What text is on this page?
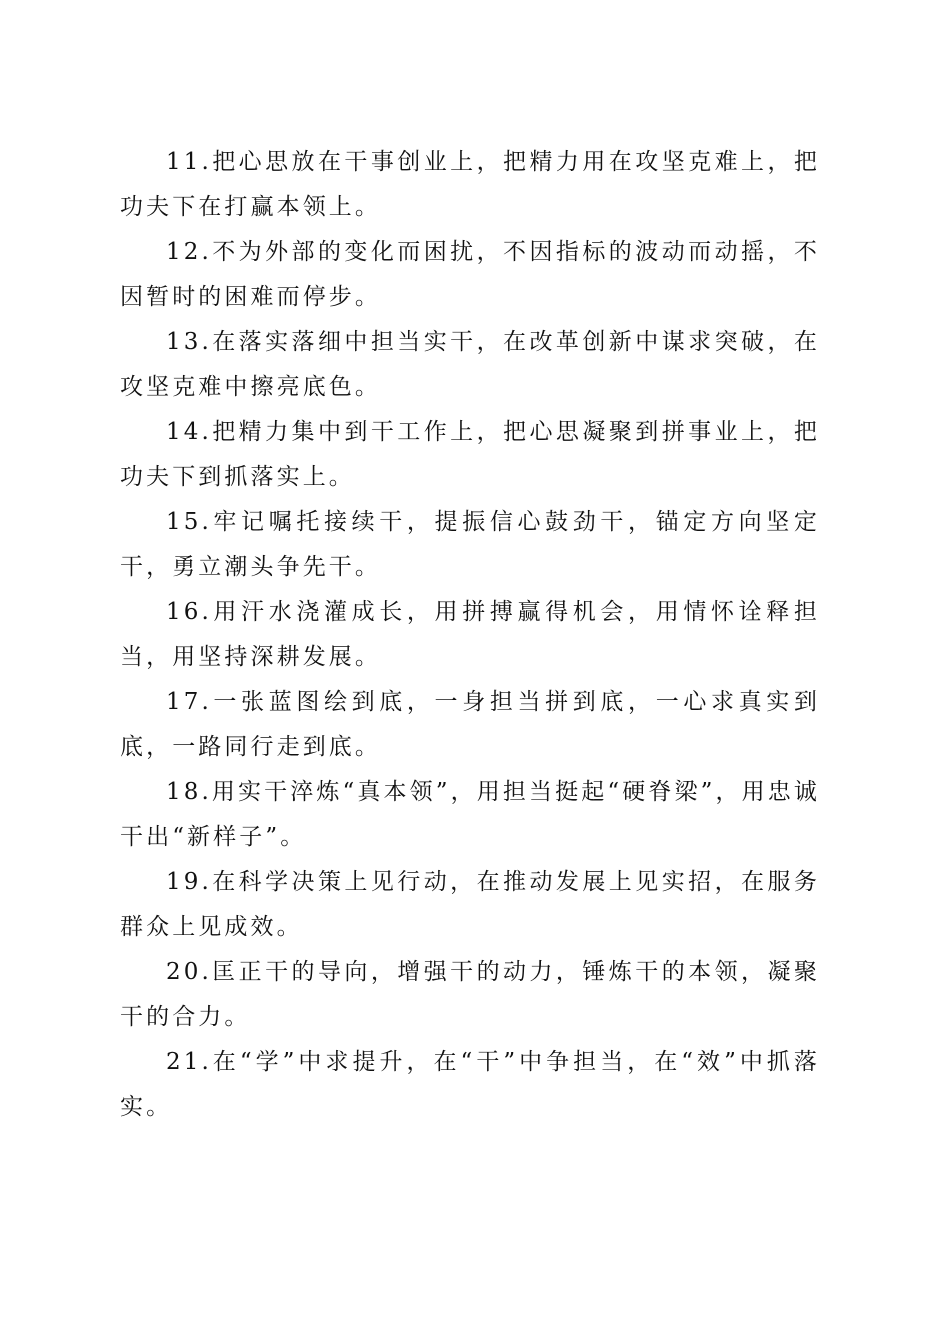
11.把心思放在干事创业上，把精力用在攻坚克难上，把功夫下在打赢本领上。

12.不为外部的变化而困扰，不因指标的波动而动摇，不因暂时的困难而停步。

13.在落实落细中担当实干，在改革创新中谋求突破，在攻坚克难中擦亮底色。

14.把精力集中到干工作上，把心思凝聚到拼事业上，把功夫下到抓落实上。

15.牢记嘱托接续干，提振信心鼓劲干，锚定方向坚定干，勇立潮头争先干。

16.用汗水浇灌成长，用拼搏赢得机会，用情怀诠释担当，用坚持深耕发展。

17.一张蓝图绘到底，一身担当拼到底，一心求真实到底，一路同行走到底。

18.用实干淬炼“真本领”，用担当挺起“硬脊梁”，用忠诚干出“新样子”。

19.在科学决策上见行动，在推动发展上见实招，在服务群众上见成效。

20.匡正干的导向，增强干的动力，锤炼干的本领，凝聚干的合力。

21.在“学”中求提升，在“干”中争担当，在“效”中抓落实。
